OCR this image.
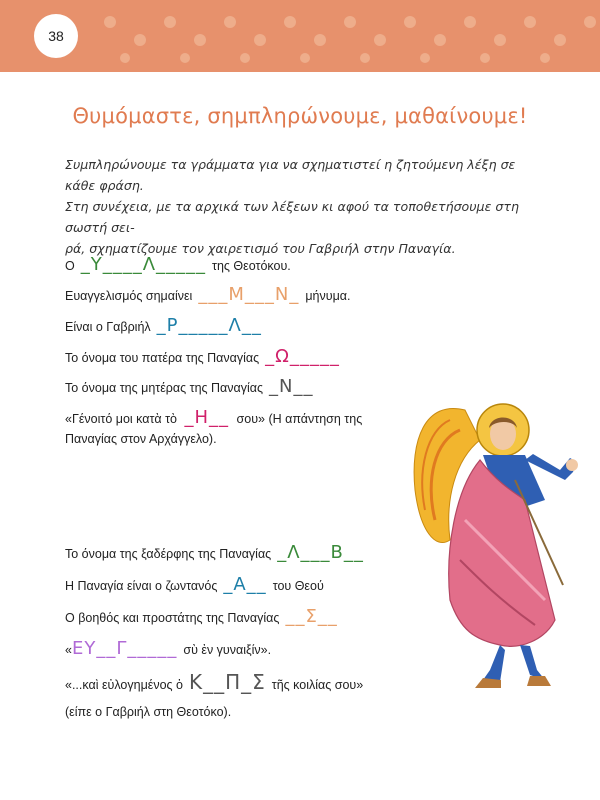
38
Θυμόμαστε, σημπληρώνουμε, μαθαίνουμε!

Συμπληρώνουμε τα γράμματα για να σχηματιστεί η ζητούμενη λέξη σε κάθε φράση.

Στη συνέχεια, με τα αρχικά των λέξεων κι αφού τα τοποθετήσουμε στη σωστή σει-

ρά, σχηματίζουμε τον χαιρετισμό του Γαβριήλ στην Παναγία.

Ο _Υ____Λ_____ της Θεοτόκου.
Ευαγγελισμός σημαίνει ___Μ___Ν_ μήνυμα.
Είναι ο Γαβριήλ _Ρ_____Λ__
Το όνομα του πατέρα της Παναγίας _Ω_____
Το όνομα της μητέρας της Παναγίας _Ν__
«Γένοιτό μοι κατὰ τὸ _Η__ σου» (Η απάντηση της Παναγίας στον Αρχάγγελο).
Το όνομα της ξαδέρφης της Παναγίας _Λ___Β__
Η Παναγία είναι ο ζωντανός _Α__ του Θεού
Ο βοηθός και προστάτης της Παναγίας __Σ__
« ΕΥ__Γ_____ σὺ ἐν γυναιξίν».
«...καὶ εὐλογημένος ὁ Κ__Π_Σ τῆς κοιλίας σου»
(είπε ο Γαβριήλ στη Θεοτόκο).
